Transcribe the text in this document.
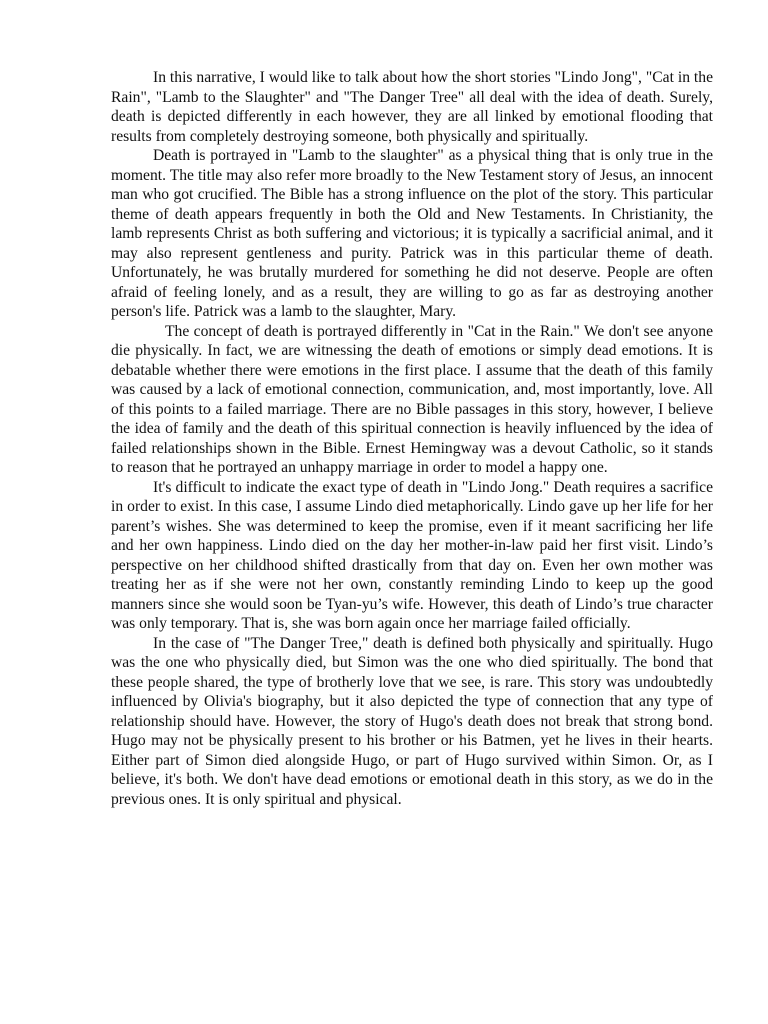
In this narrative, I would like to talk about how the short stories "Lindo Jong", "Cat in the Rain", "Lamb to the Slaughter" and "The Danger Tree" all deal with the idea of death. Surely, death is depicted differently in each however, they are all linked by emotional flooding that results from completely destroying someone, both physically and spiritually.

Death is portrayed in "Lamb to the slaughter" as a physical thing that is only true in the moment. The title may also refer more broadly to the New Testament story of Jesus, an innocent man who got crucified. The Bible has a strong influence on the plot of the story. This particular theme of death appears frequently in both the Old and New Testaments. In Christianity, the lamb represents Christ as both suffering and victorious; it is typically a sacrificial animal, and it may also represent gentleness and purity. Patrick was in this particular theme of death. Unfortunately, he was brutally murdered for something he did not deserve. People are often afraid of feeling lonely, and as a result, they are willing to go as far as destroying another person's life. Patrick was a lamb to the slaughter, Mary.

The concept of death is portrayed differently in "Cat in the Rain." We don't see anyone die physically. In fact, we are witnessing the death of emotions or simply dead emotions. It is debatable whether there were emotions in the first place. I assume that the death of this family was caused by a lack of emotional connection, communication, and, most importantly, love. All of this points to a failed marriage. There are no Bible passages in this story, however, I believe the idea of family and the death of this spiritual connection is heavily influenced by the idea of failed relationships shown in the Bible. Ernest Hemingway was a devout Catholic, so it stands to reason that he portrayed an unhappy marriage in order to model a happy one.

It's difficult to indicate the exact type of death in "Lindo Jong." Death requires a sacrifice in order to exist. In this case, I assume Lindo died metaphorically. Lindo gave up her life for her parent’s wishes. She was determined to keep the promise, even if it meant sacrificing her life and her own happiness. Lindo died on the day her mother-in-law paid her first visit. Lindo’s perspective on her childhood shifted drastically from that day on. Even her own mother was treating her as if she were not her own, constantly reminding Lindo to keep up the good manners since she would soon be Tyan-yu’s wife. However, this death of Lindo’s true character was only temporary. That is, she was born again once her marriage failed officially.

In the case of "The Danger Tree," death is defined both physically and spiritually. Hugo was the one who physically died, but Simon was the one who died spiritually. The bond that these people shared, the type of brotherly love that we see, is rare. This story was undoubtedly influenced by Olivia's biography, but it also depicted the type of connection that any type of relationship should have. However, the story of Hugo's death does not break that strong bond. Hugo may not be physically present to his brother or his Batmen, yet he lives in their hearts. Either part of Simon died alongside Hugo, or part of Hugo survived within Simon. Or, as I believe, it's both. We don't have dead emotions or emotional death in this story, as we do in the previous ones. It is only spiritual and physical.
